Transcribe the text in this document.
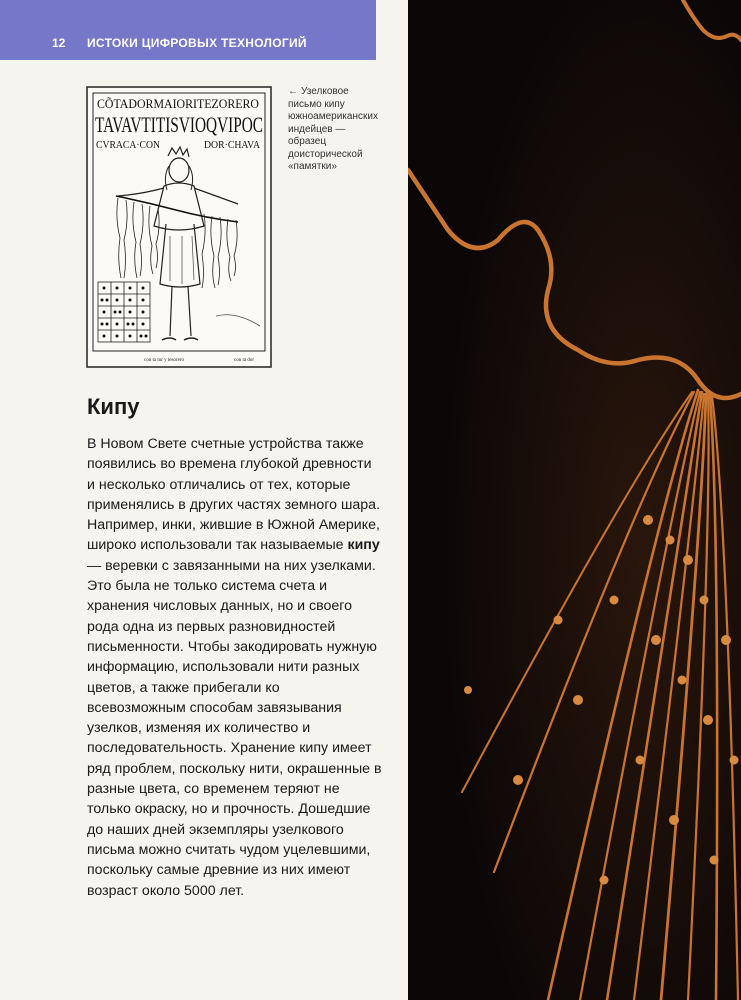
12 ИСТОКИ ЦИФРОВЫХ ТЕХНОЛОГИЙ
CÕTADORMAIORITEZORERO
TAVAVTITISVIOQVIPOC
CVRACA·CON	DOR·CHAVA
con ta tur y tesorero	con ta dor
← Узелковое письмо кипу южноамериканских индейцев — образец доисторической «памятки»
Кипу

В Новом Свете счетные устройства также появились во времена глубокой древности и несколько отличались от тех, которые применялись в других частях земного шара. Например, инки, жившие в Южной Америке, широко использовали так называемые кипу — веревки с завязанными на них узелками. Это была не только система счета и хранения числовых данных, но и своего рода одна из первых разновидностей письменности. Чтобы закодировать нужную информацию, использовали нити разных цветов, а также прибегали ко всевозможным способам завязывания узелков, изменяя их количество и последовательность. Хранение кипу имеет ряд проблем, поскольку нити, окрашенные в разные цвета, со временем теряют не только окраску, но и прочность. Дошедшие до наших дней экземпляры узелкового письма можно считать чудом уцелевшими, поскольку самые древние из них имеют возраст около 5000 лет.
